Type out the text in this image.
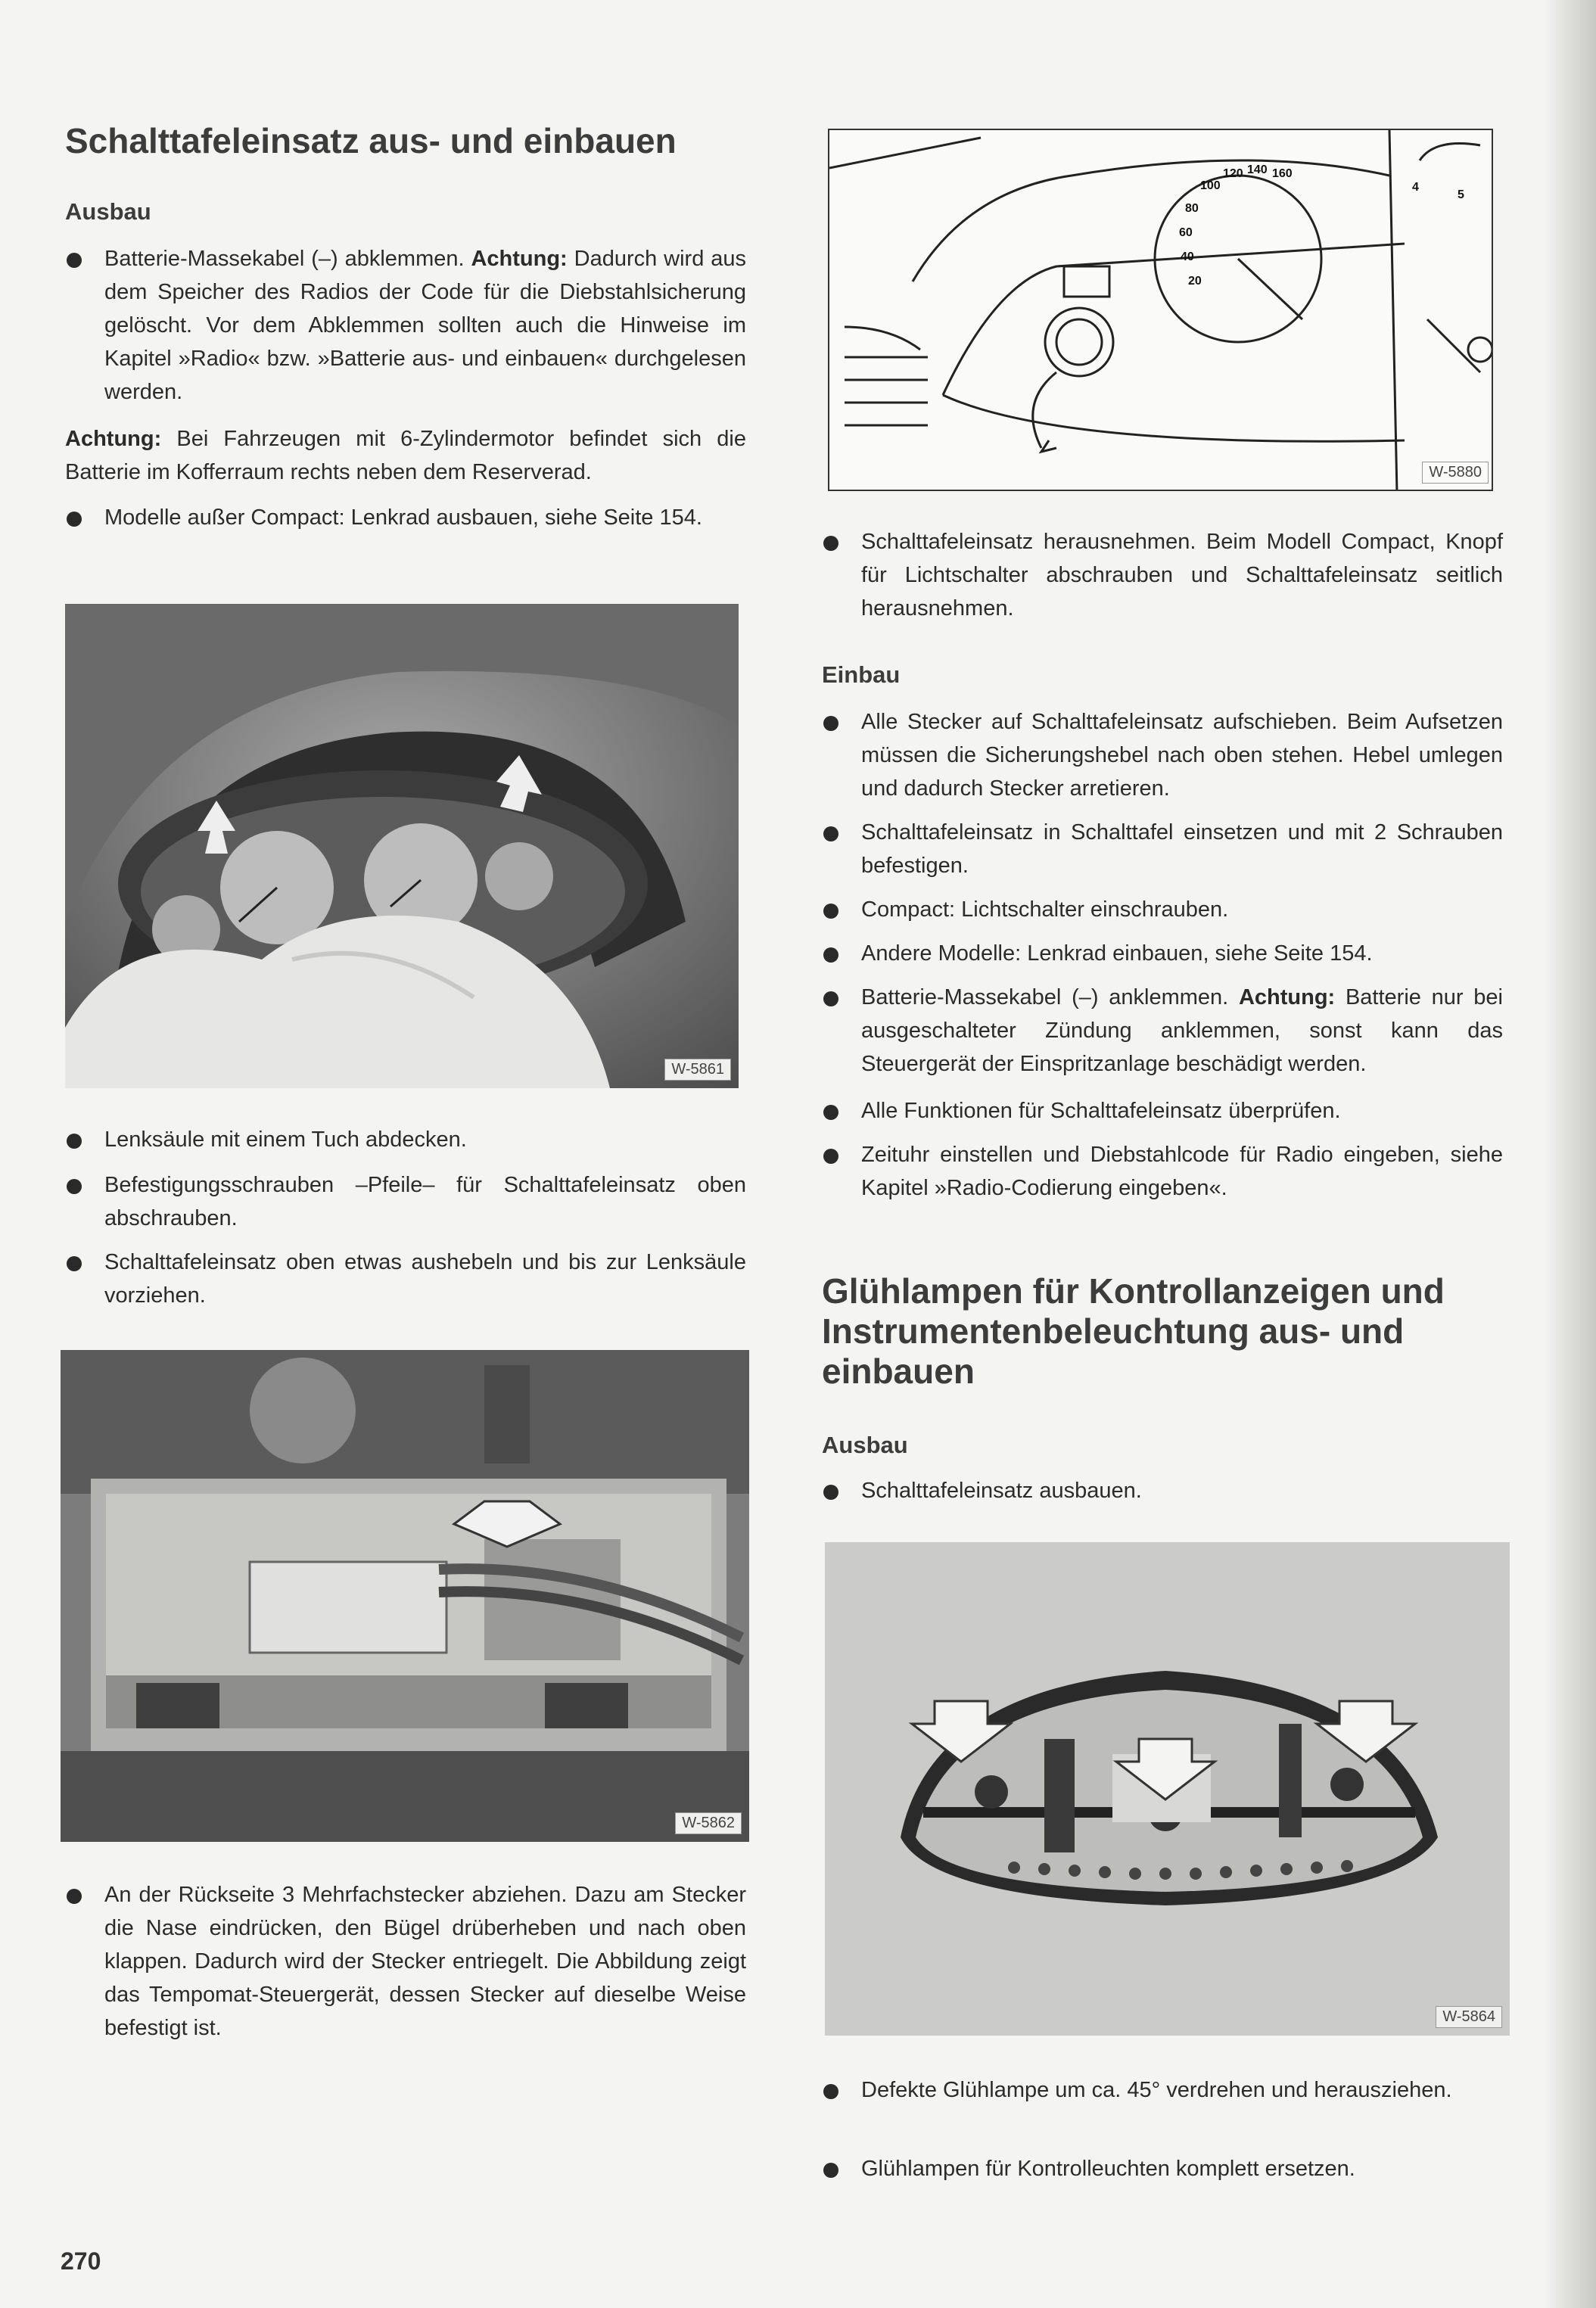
Schalttafeleinsatz aus- und einbauen
Ausbau
Batterie-Massekabel (–) abklemmen. Achtung: Dadurch wird aus dem Speicher des Radios der Code für die Diebstahlsicherung gelöscht. Vor dem Abklemmen sollten auch die Hinweise im Kapitel »Radio« bzw. »Batterie aus- und einbauen« durchgelesen werden.

Achtung: Bei Fahrzeugen mit 6-Zylindermotor befindet sich die Batterie im Kofferraum rechts neben dem Reserverad.

Modelle außer Compact: Lenkrad ausbauen, siehe Seite 154.
W-5861
Lenksäule mit einem Tuch abdecken.
Befestigungsschrauben –Pfeile– für Schalttafeleinsatz oben abschrauben.
Schalttafeleinsatz oben etwas aushebeln und bis zur Lenksäule vorziehen.
W-5862
An der Rückseite 3 Mehrfachstecker abziehen. Dazu am Stecker die Nase eindrücken, den Bügel drüberheben und nach oben klappen. Dadurch wird der Stecker entriegelt. Die Abbildung zeigt das Tempomat-Steuergerät, dessen Stecker auf dieselbe Weise befestigt ist.
270
100
120 140 160
80
60
40
20
4
5
W-5880
Schalttafeleinsatz herausnehmen. Beim Modell Compact, Knopf für Lichtschalter abschrauben und Schalttafeleinsatz seitlich herausnehmen.
Einbau
Alle Stecker auf Schalttafeleinsatz aufschieben. Beim Aufsetzen müssen die Sicherungshebel nach oben stehen. Hebel umlegen und dadurch Stecker arretieren.
Schalttafeleinsatz in Schalttafel einsetzen und mit 2 Schrauben befestigen.
Compact: Lichtschalter einschrauben.
Andere Modelle: Lenkrad einbauen, siehe Seite 154.
Batterie-Massekabel (–) anklemmen. Achtung: Batterie nur bei ausgeschalteter Zündung anklemmen, sonst kann das Steuergerät der Einspritzanlage beschädigt werden.
Alle Funktionen für Schalttafeleinsatz überprüfen.
Zeituhr einstellen und Diebstahlcode für Radio eingeben, siehe Kapitel »Radio-Codierung eingeben«.
Glühlampen für Kontrollanzeigen und Instrumentenbeleuchtung aus- und einbauen
Ausbau
Schalttafeleinsatz ausbauen.
W-5864
Defekte Glühlampe um ca. 45° verdrehen und herausziehen.
Glühlampen für Kontrolleuchten komplett ersetzen.
